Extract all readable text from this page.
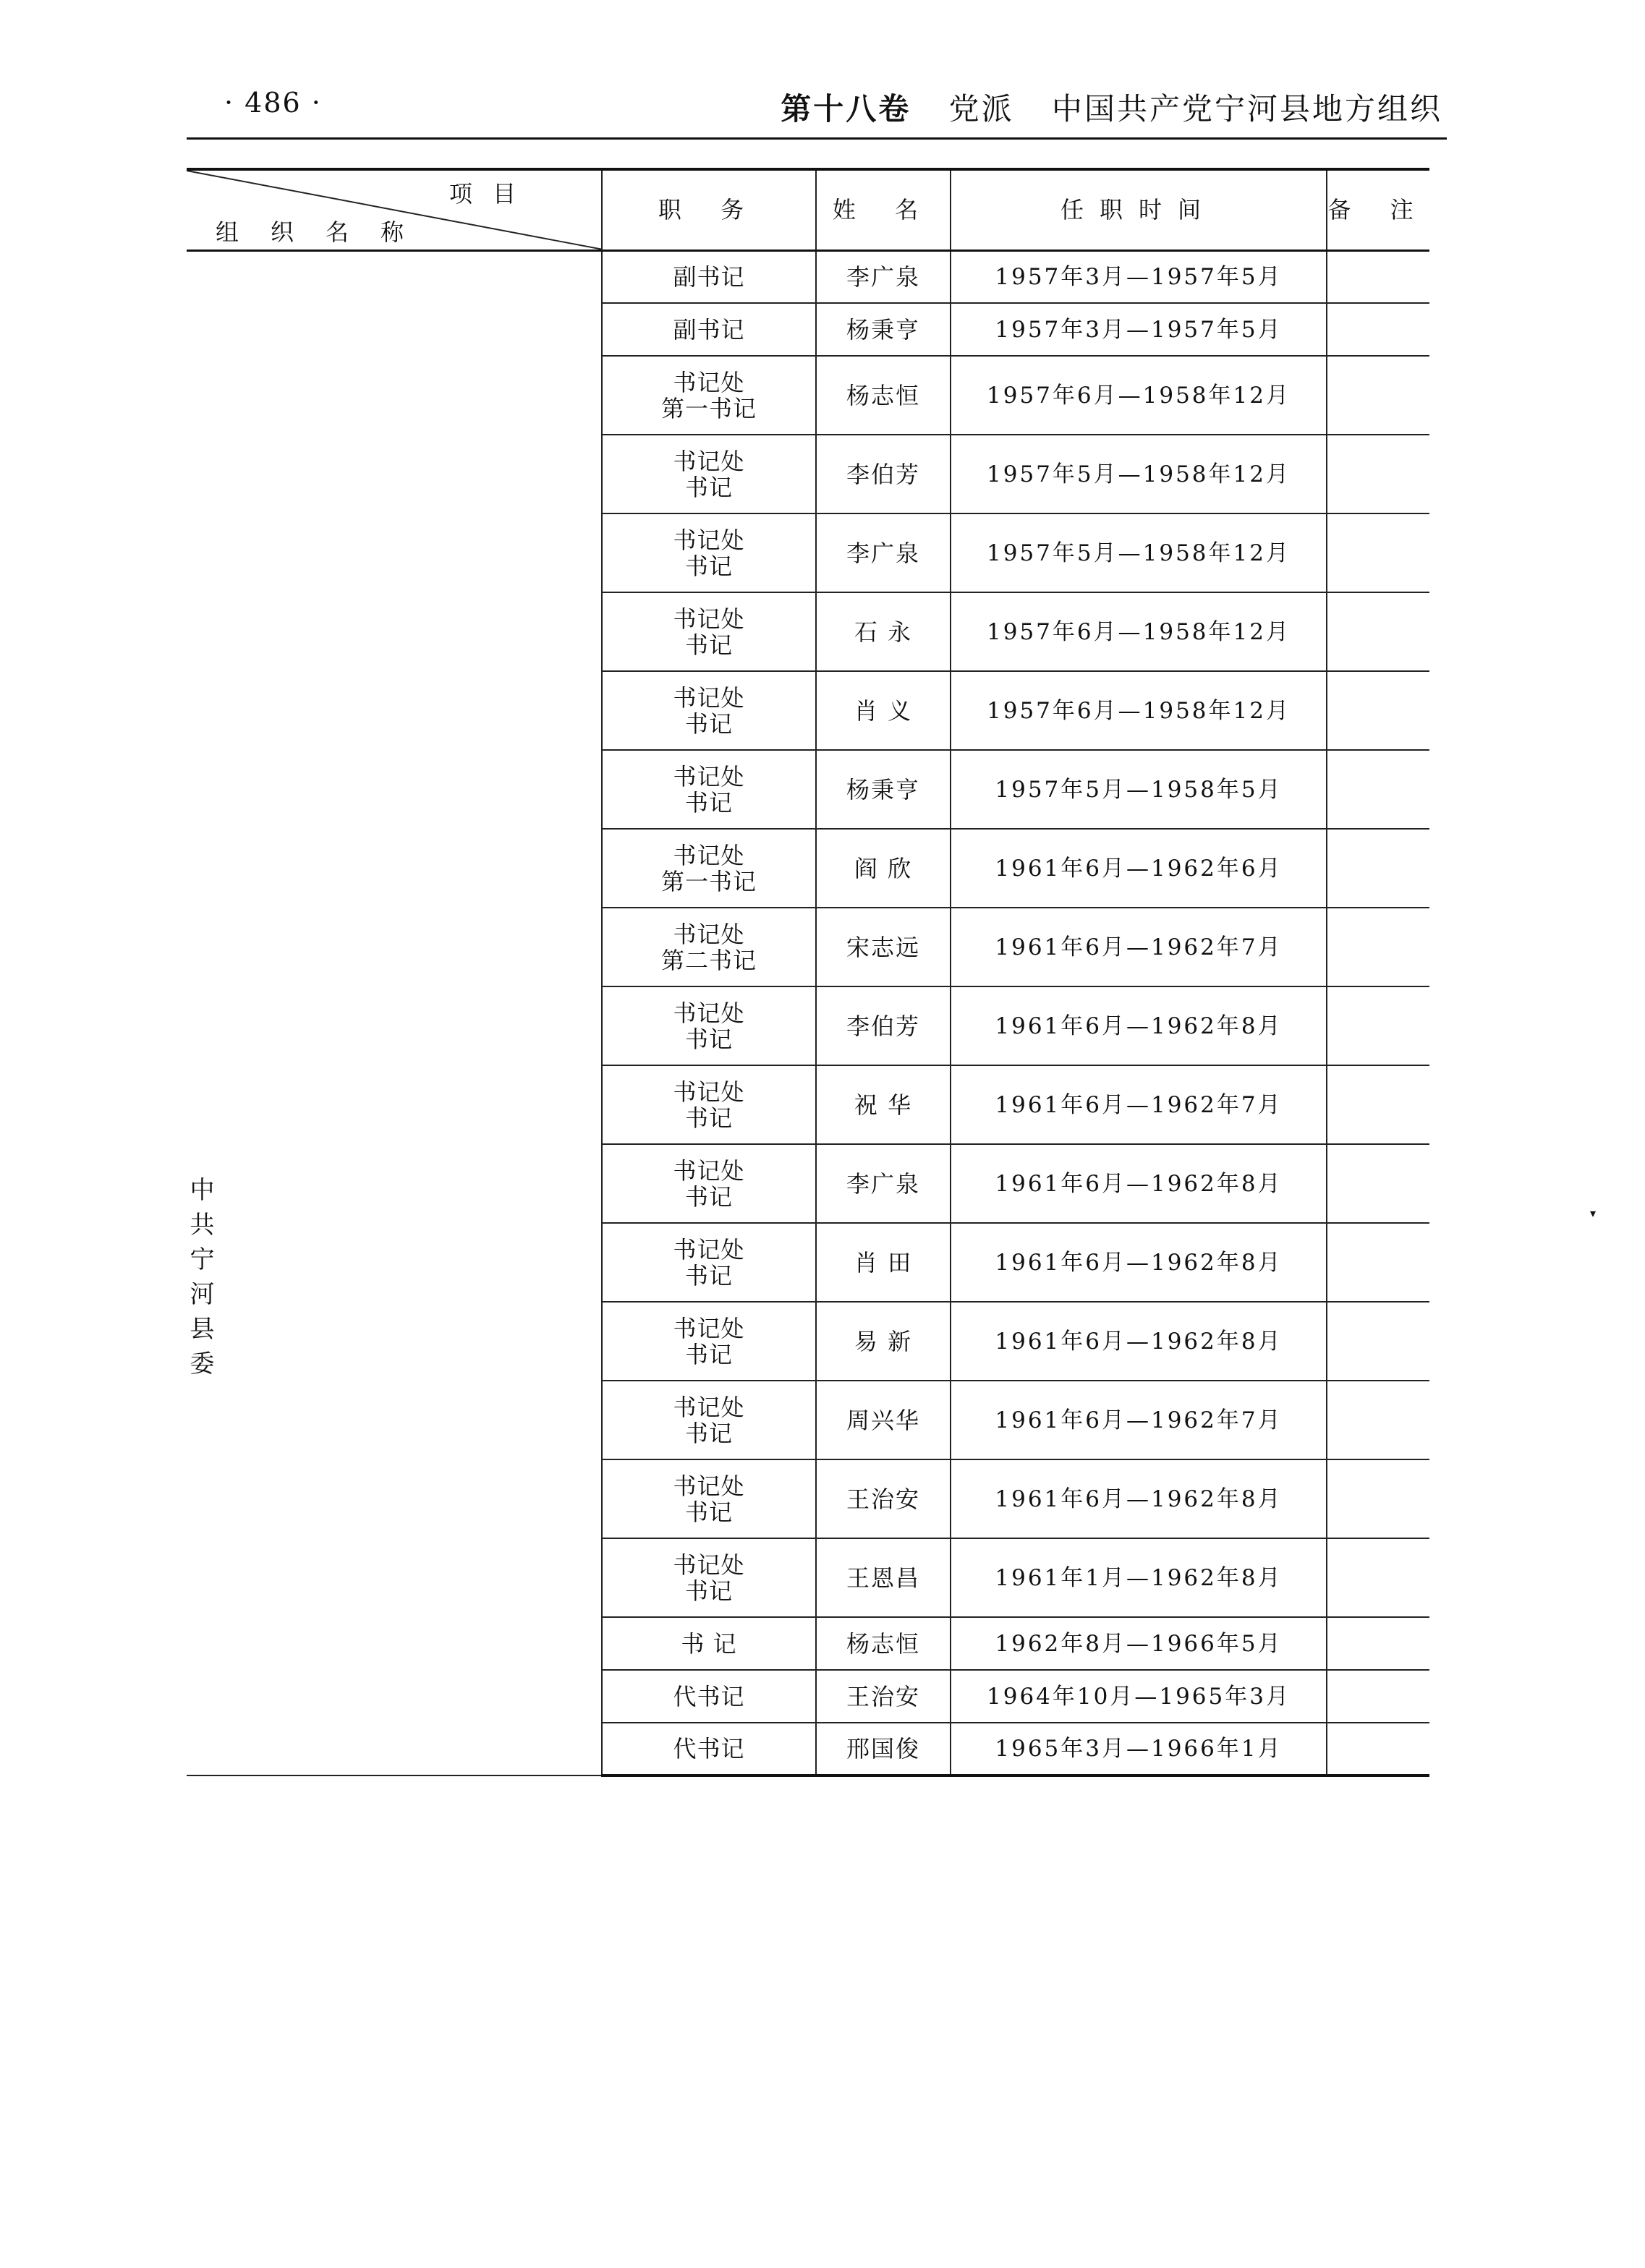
· 486 ·	第十八卷 党派 中国共产党宁河县地方组织
项目
组织名称	职 务	姓 名	任职时间	备 注

中共宁河县委	副书记	李广泉	1957年3月—1957年5月	

	副书记	杨秉亨	1957年3月—1957年5月	

	书记处
第一书记	杨志恒	1957年6月—1958年12月	

	书记处
书记	李伯芳	1957年5月—1958年12月	

	书记处
书记	李广泉	1957年5月—1958年12月	

	书记处
书记	石 永	1957年6月—1958年12月	

	书记处
书记	肖 义	1957年6月—1958年12月	

	书记处
书记	杨秉亨	1957年5月—1958年5月	

	书记处
第一书记	阎 欣	1961年6月—1962年6月	

	书记处
第二书记	宋志远	1961年6月—1962年7月	

	书记处
书记	李伯芳	1961年6月—1962年8月	

	书记处
书记	祝 华	1961年6月—1962年7月	

	书记处
书记	李广泉	1961年6月—1962年8月	

	书记处
书记	肖 田	1961年6月—1962年8月	

	书记处
书记	易 新	1961年6月—1962年8月	

	书记处
书记	周兴华	1961年6月—1962年7月	

	书记处
书记	王治安	1961年6月—1962年8月	

	书记处
书记	王恩昌	1961年1月—1962年8月	

	书 记	杨志恒	1962年8月—1966年5月	

	代书记	王治安	1964年10月—1965年3月	

	代书记	邢国俊	1965年3月—1966年1月	
▾
